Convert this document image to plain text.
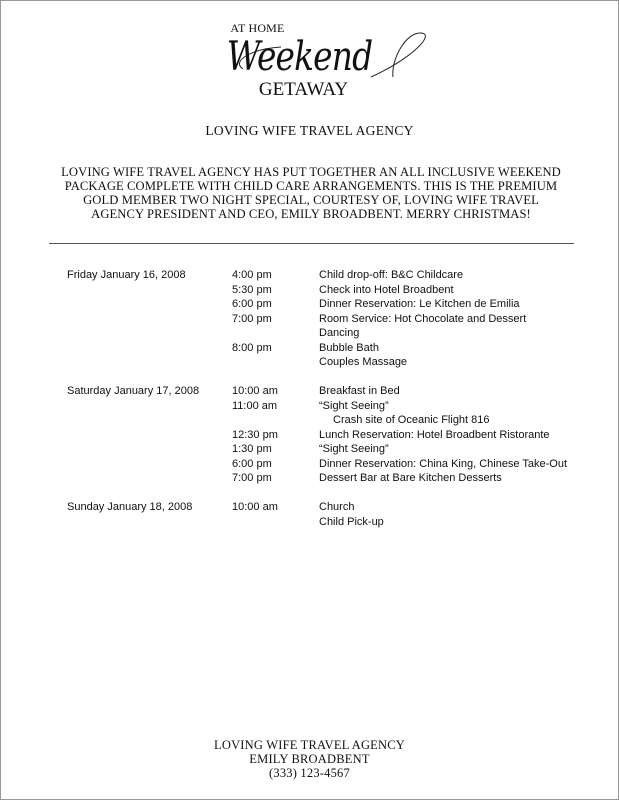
AT HOME
Weekend
GETAWAY
LOVING WIFE TRAVEL AGENCY
LOVING WIFE TRAVEL AGENCY HAS PUT TOGETHER AN ALL INCLUSIVE WEEKEND PACKAGE COMPLETE WITH CHILD CARE ARRANGEMENTS. THIS IS THE PREMIUM GOLD MEMBER TWO NIGHT SPECIAL, COURTESY OF, LOVING WIFE TRAVEL AGENCY PRESIDENT AND CEO, EMILY BROADBENT. MERRY CHRISTMAS!
Friday January 16, 2008	4:00 pm	Child drop-off: B&C Childcare
5:30 pm	Check into Hotel Broadbent
6:00 pm	Dinner Reservation: Le Kitchen de Emilia
7:00 pm	Room Service: Hot Chocolate and Dessert
Dancing
8:00 pm	Bubble Bath
Couples Massage
Saturday January 17, 2008	10:00 am	Breakfast in Bed
11:00 am	“Sight Seeing”
Crash site of Oceanic Flight 816
12:30 pm	Lunch Reservation: Hotel Broadbent Ristorante
1:30 pm	“Sight Seeing”
6:00 pm	Dinner Reservation: China King, Chinese Take-Out
7:00 pm	Dessert Bar at Bare Kitchen Desserts
Sunday January 18, 2008	10:00 am	Church
Child Pick-up
LOVING WIFE TRAVEL AGENCY
EMILY BROADBENT
(333) 123-4567
